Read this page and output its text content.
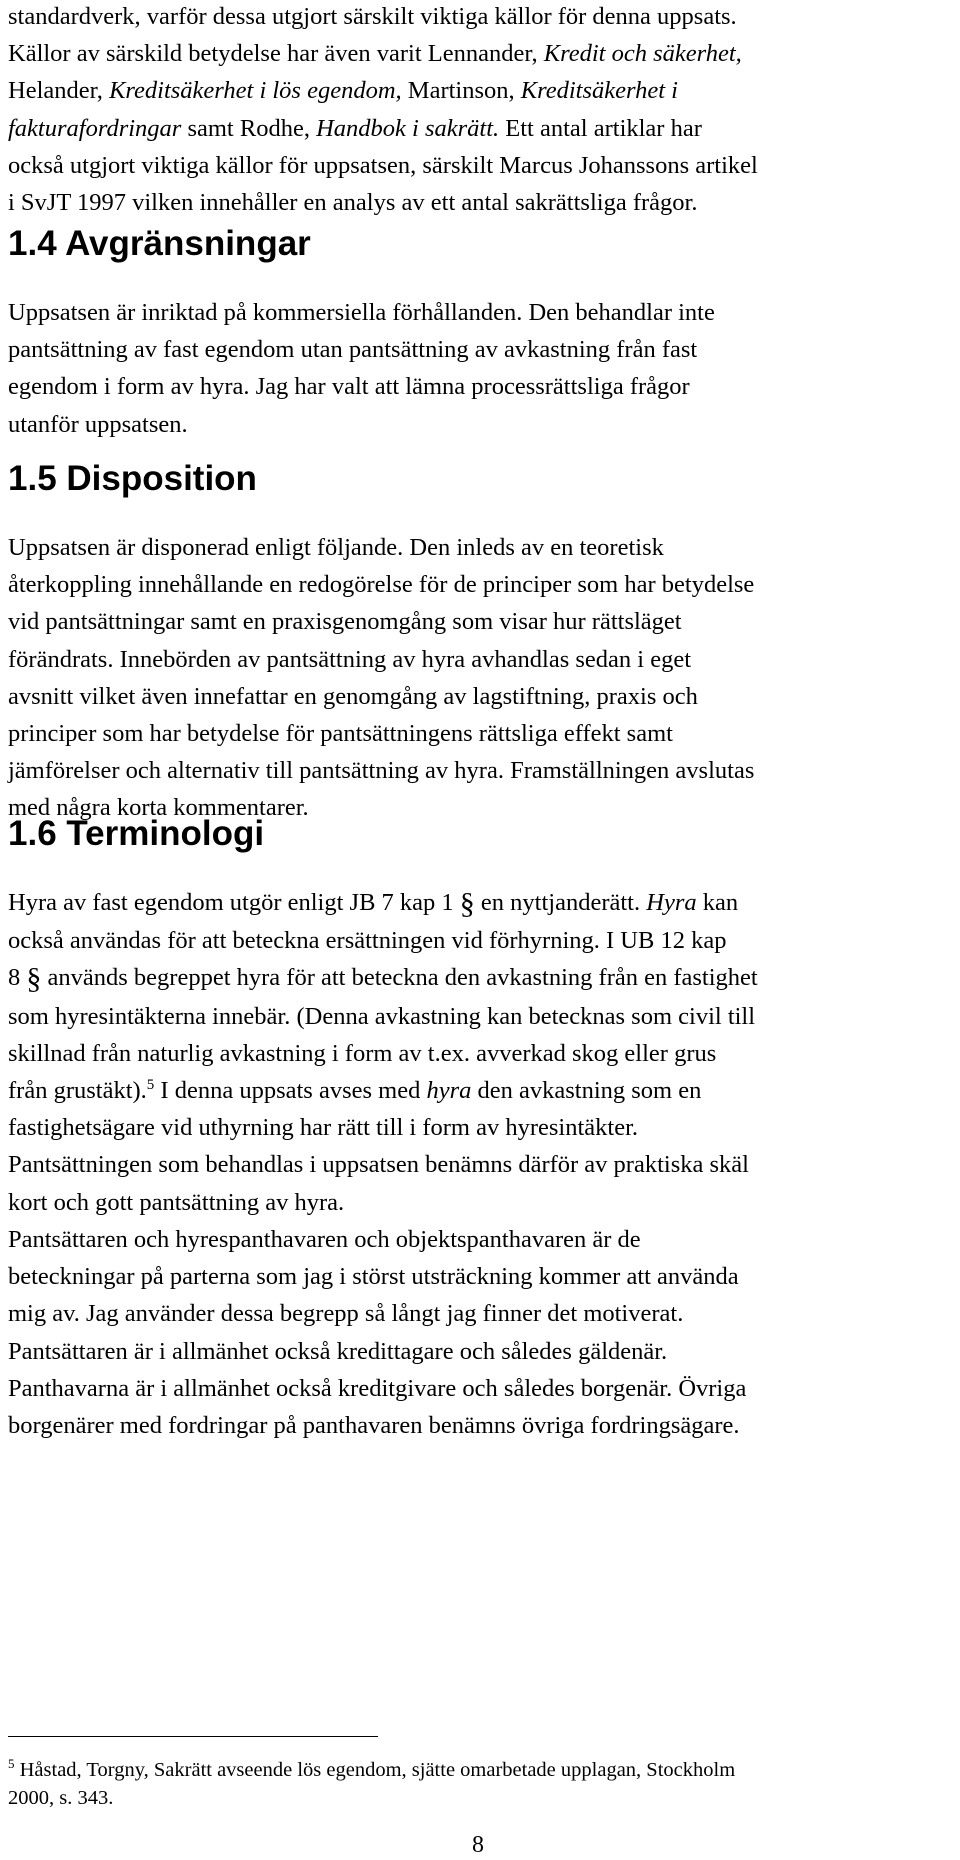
standardverk, varför dessa utgjort särskilt viktiga källor för denna uppsats.
Källor av särskild betydelse har även varit Lennander, Kredit och säkerhet,
Helander, Kreditsäkerhet i lös egendom, Martinson, Kreditsäkerhet i
fakturafordringar samt Rodhe, Handbok i sakrätt. Ett antal artiklar har
också utgjort viktiga källor för uppsatsen, särskilt Marcus Johanssons artikel
i SvJT 1997 vilken innehåller en analys av ett antal sakrättsliga frågor.

1.4 Avgränsningar

Uppsatsen är inriktad på kommersiella förhållanden. Den behandlar inte
pantsättning av fast egendom utan pantsättning av avkastning från fast
egendom i form av hyra. Jag har valt att lämna processrättsliga frågor
utanför uppsatsen.

1.5 Disposition

Uppsatsen är disponerad enligt följande. Den inleds av en teoretisk
återkoppling innehållande en redogörelse för de principer som har betydelse
vid pantsättningar samt en praxisgenomgång som visar hur rättsläget
förändrats. Innebörden av pantsättning av hyra avhandlas sedan i eget
avsnitt vilket även innefattar en genomgång av lagstiftning, praxis och
principer som har betydelse för pantsättningens rättsliga effekt samt
jämförelser och alternativ till pantsättning av hyra. Framställningen avslutas
med några korta kommentarer.

1.6 Terminologi

Hyra av fast egendom utgör enligt JB 7 kap 1 § en nyttjanderätt. Hyra kan
också användas för att beteckna ersättningen vid förhyrning. I UB 12 kap
8 § används begreppet hyra för att beteckna den avkastning från en fastighet
som hyresintäkterna innebär. (Denna avkastning kan betecknas som civil till
skillnad från naturlig avkastning i form av t.ex. avverkad skog eller grus
från grustäkt).$^5$ I denna uppsats avses med hyra den avkastning som en
fastighetsägare vid uthyrning har rätt till i form av hyresintäkter.
Pantsättningen som behandlas i uppsatsen benämns därför av praktiska skäl
kort och gott pantsättning av hyra.

Pantsättaren och hyrespanthavaren och objektspanthavaren är de
beteckningar på parterna som jag i störst utsträckning kommer att använda
mig av. Jag använder dessa begrepp så långt jag finner det motiverat.
Pantsättaren är i allmänhet också kredittagare och således gäldenär.
Panthavarna är i allmänhet också kreditgivare och således borgenär. Övriga
borgenärer med fordringar på panthavaren benämns övriga fordringsägare.

$^5$ Håstad, Torgny, Sakrätt avseende lös egendom, sjätte omarbetade upplagan, Stockholm
2000, s. 343.
8
